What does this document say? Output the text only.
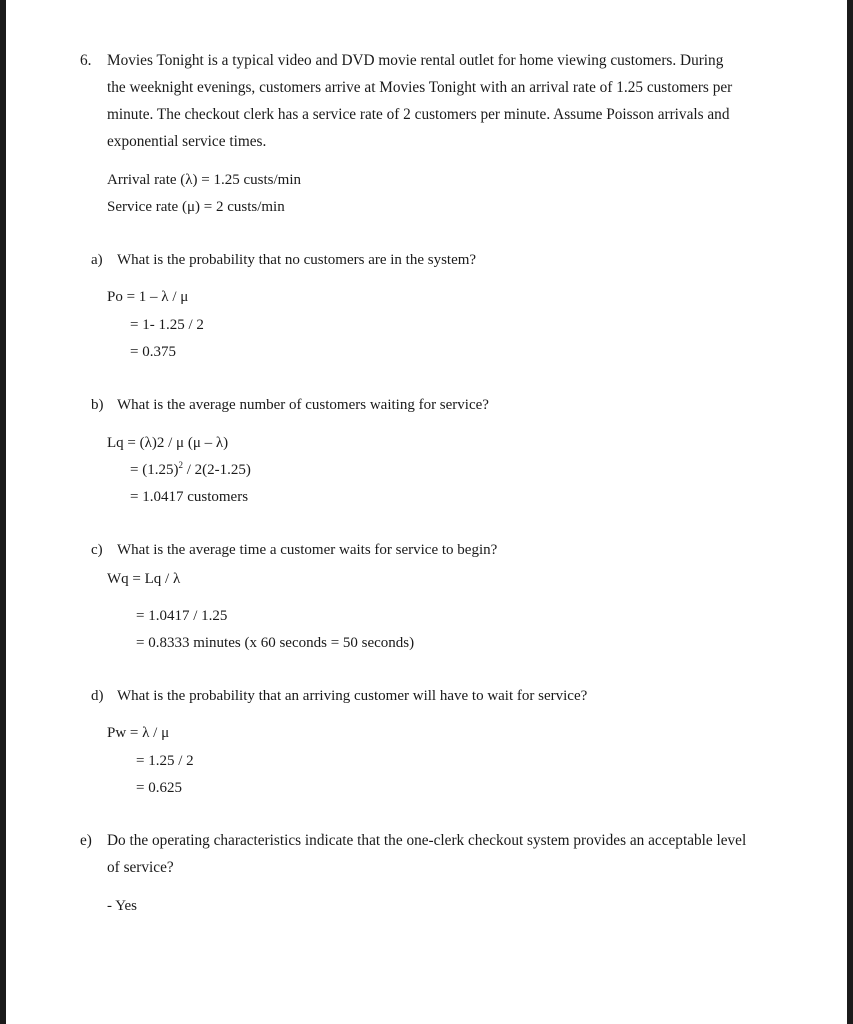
6. Movies Tonight is a typical video and DVD movie rental outlet for home viewing customers. During
the weeknight evenings, customers arrive at Movies Tonight with an arrival rate of 1.25 customers per
minute. The checkout clerk has a service rate of 2 customers per minute. Assume Poisson arrivals and
exponential service times.
Arrival rate (λ) = 1.25 custs/min
Service rate (μ) = 2 custs/min
a) What is the probability that no customers are in the system?
Po = 1 – λ / μ
= 1- 1.25 / 2
= 0.375
b) What is the average number of customers waiting for service?
Lq = (λ)2 / μ (μ – λ)
= $(1.25)^2 / 2(2-1.25)$
= 1.0417 customers
c) What is the average time a customer waits for service to begin?
Wq = Lq / λ
= 1.0417 / 1.25
= 0.8333 minutes (x 60 seconds = 50 seconds)
d) What is the probability that an arriving customer will have to wait for service?
Pw = λ / μ
= 1.25 / 2
= 0.625
e) Do the operating characteristics indicate that the one-clerk checkout system provides an acceptable level
of service?
- Yes
